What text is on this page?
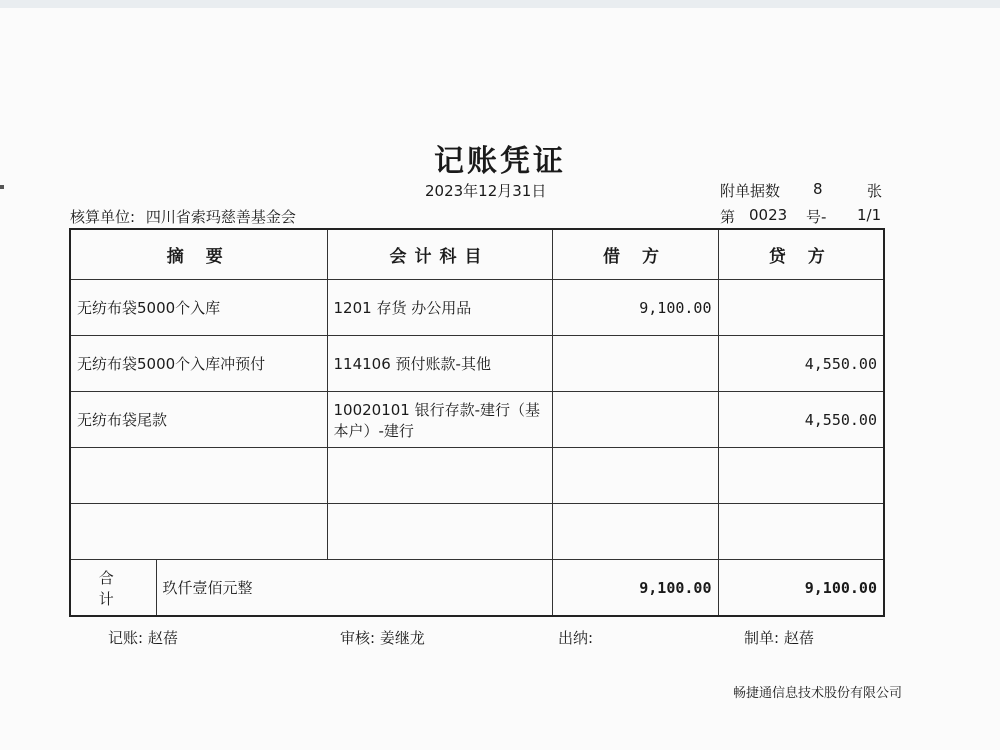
记账凭证
2023年12月31日
核算单位: 四川省索玛慈善基金会
附单据数 8	张
第 0023 号- 1/1
摘 要		会计科目	借 方	贷 方
无纺布袋5000个入库		1201 存货 办公用品	9,100.00	
无纺布袋5000个入库冲预付		114106 预付账款-其他		4,550.00
无纺布袋尾款		10020101 银行存款-建行（基本户）-建行		4,550.00

合 计	玖仟壹佰元整		9,100.00	9,100.00
记账: 赵蓓	审核: 姜继龙	出纳:	制单: 赵蓓
畅捷通信息技术股份有限公司
